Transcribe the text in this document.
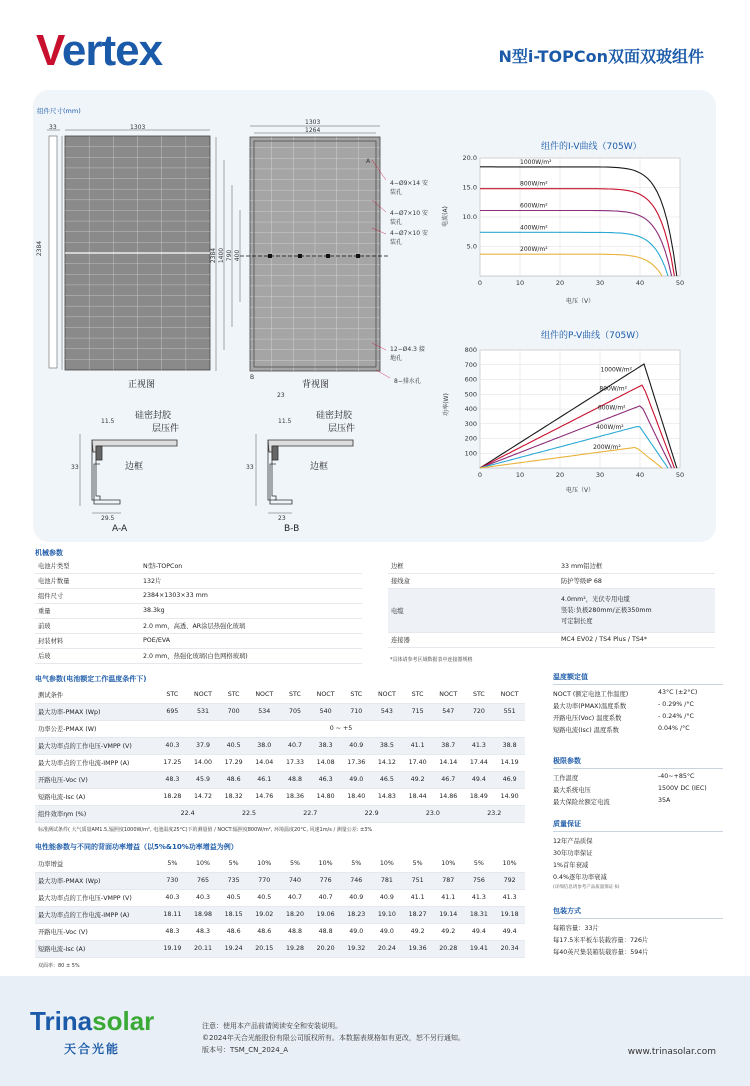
Vertex	N型i-TOPCon双面双玻组件
组件尺寸(mm)
1303
33
2384
正视图
1303
1264
2384 1400 790 400
A
B
23
背视图
4−Ø9×14 安装孔
4−Ø7×10 安装孔
4−Ø7×10 安装孔
12−Ø4.3 接地孔
8−排水孔
硅密封胶
层压件
边框
11.5
33
29.5
A-A
硅密封胶
层压件
边框
11.5
33
23
B-B
组件的I-V曲线（705W）
电流(A)
电压（V）
5.0
10.0
15.0
20.0
0	10	20	30	40	50
1000W/m²
800W/m²
600W/m²
400W/m²
200W/m²
组件的P-V曲线（705W）
功率(W)
电压（V）
100
200
300
400
500
600
700
800
0	10	20	30	40	50
1000W/m²
800W/m²
600W/m²
400W/m²
200W/m²
机械参数
电池片类型	N型i-TOPCon
电池片数量	132片
组件尺寸	2384×1303×33 mm
重量	38.3kg
前玻	2.0 mm，高透、AR涂层热强化玻璃
封装材料	POE/EVA
后玻	2.0 mm，热强化玻璃(白色网格玻璃)
边框	33 mm铝边框

接线盒	防护等级IP 68

电缆	4.0mm²，光伏专用电缆
竖装:负极280mm/正极350mm
可定制长度

连接器	MC4 EV02 / TS4 Plus / TS4*
*具体请参考区域数据表中连接器规格
电气参数(电池额定工作温度条件下)
测试条件	STC	NOCT	STC	NOCT	STC	NOCT	STC	NOCT	STC	NOCT	STC	NOCT
最大功率-PMAX (Wp)	695	531	700	534	705	540	710	543	715	547	720	551
功率公差-PMAX (W)	0 ~ +5											
最大功率点的工作电压-VMPP (V)	40.3	37.9	40.5	38.0	40.7	38.3	40.9	38.5	41.1	38.7	41.3	38.8
最大功率点的工作电流-IMPP (A)	17.25	14.00	17.29	14.04	17.33	14.08	17.36	14.12	17.40	14.14	17.44	14.19
开路电压-Voc (V)	48.3	45.9	48.6	46.1	48.8	46.3	49.0	46.5	49.2	46.7	49.4	46.9
短路电流-Isc (A)	18.28	14.72	18.32	14.76	18.36	14.80	18.40	14.83	18.44	14.86	18.49	14.90
组件效率ηm (%)	22.4		22.5		22.7		22.9		23.0		23.2	
标准测试条件( 大气质量AM1.5,辐照度1000W/m², 电池温度25°C)下的测量值 / NOCT:辐照度800W/m², 环境温度20°C, 风速1m/s / 测量公差: ±3%
电性能参数与不同的背面功率增益（以5%&10%功率增益为例）
功率增益	5%	10%	5%	10%	5%	10%	5%	10%	5%	10%	5%	10%
最大功率-PMAX (Wp)	730	765	735	770	740	776	746	781	751	787	756	792
最大功率点的工作电压-VMPP (V)	40.3	40.3	40.5	40.5	40.7	40.7	40.9	40.9	41.1	41.1	41.3	41.3
最大功率点的工作电流-IMPP (A)	18.11	18.98	18.15	19.02	18.20	19.06	18.23	19.10	18.27	19.14	18.31	19.18
开路电压-Voc (V)	48.3	48.3	48.6	48.6	48.8	48.8	49.0	49.0	49.2	49.2	49.4	49.4
短路电流-Isc (A)	19.19	20.11	19.24	20.15	19.28	20.20	19.32	20.24	19.36	20.28	19.41	20.34
双面率：80 ± 5%
温度额定值
NOCT (额定电池工作温度)	43°C (±2°C)
最大功率(PMAX)温度系数	- 0.29% /°C
开路电压(Voc) 温度系数	- 0.24% /°C
短路电流(Isc) 温度系数	0.04% /°C
极限参数
工作温度	-40~+85°C
最大系统电压	1500V DC (IEC)
最大保险丝额定电流	35A
质量保证
12年产品质保
30年功率保证
1%首年衰减
0.4%逐年功率衰减
(详细信息请参考产品质量保证书)
包装方式
每箱容量：33片
每17.5米平板车装载容量：726片
每40英尺集装箱装载容量：594片
Trinasolar
天合光能
注意：使用本产品前请阅读安全和安装说明。
©2024年天合光能股份有限公司版权所有。本数据表规格如有更改，恕不另行通知。
版本号：TSM_CN_2024_A	www.trinasolar.com
